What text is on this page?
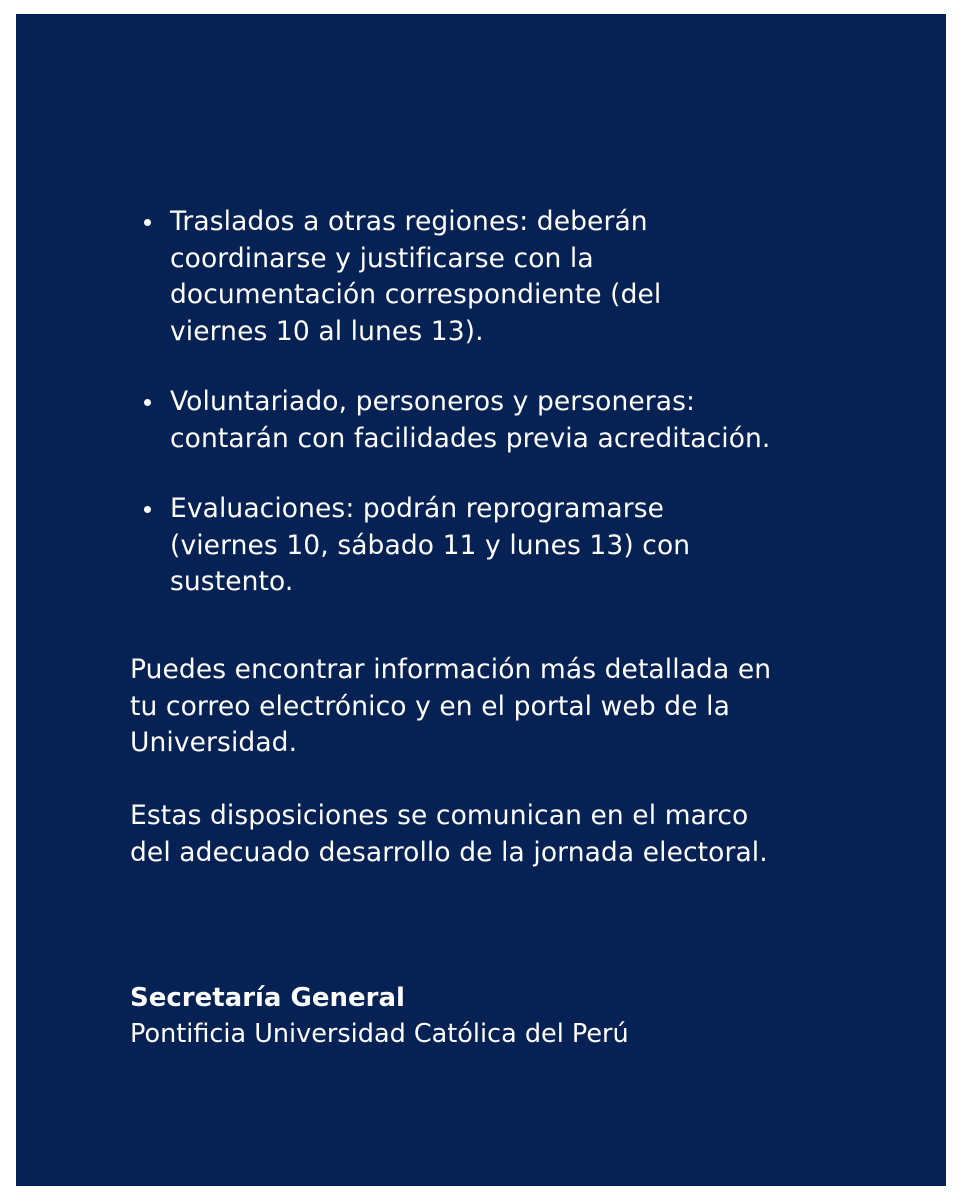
Traslados a otras regiones: deberán
coordinarse y justificarse con la
documentación correspondiente (del
viernes 10 al lunes 13).
Voluntariado, personeros y personeras:
contarán con facilidades previa acreditación.
Evaluaciones: podrán reprogramarse
(viernes 10, sábado 11 y lunes 13) con
sustento.
Puedes encontrar información más detallada en
tu correo electrónico y en el portal web de la
Universidad.
Estas disposiciones se comunican en el marco
del adecuado desarrollo de la jornada electoral.
Secretaría General
Pontificia Universidad Católica del Perú
